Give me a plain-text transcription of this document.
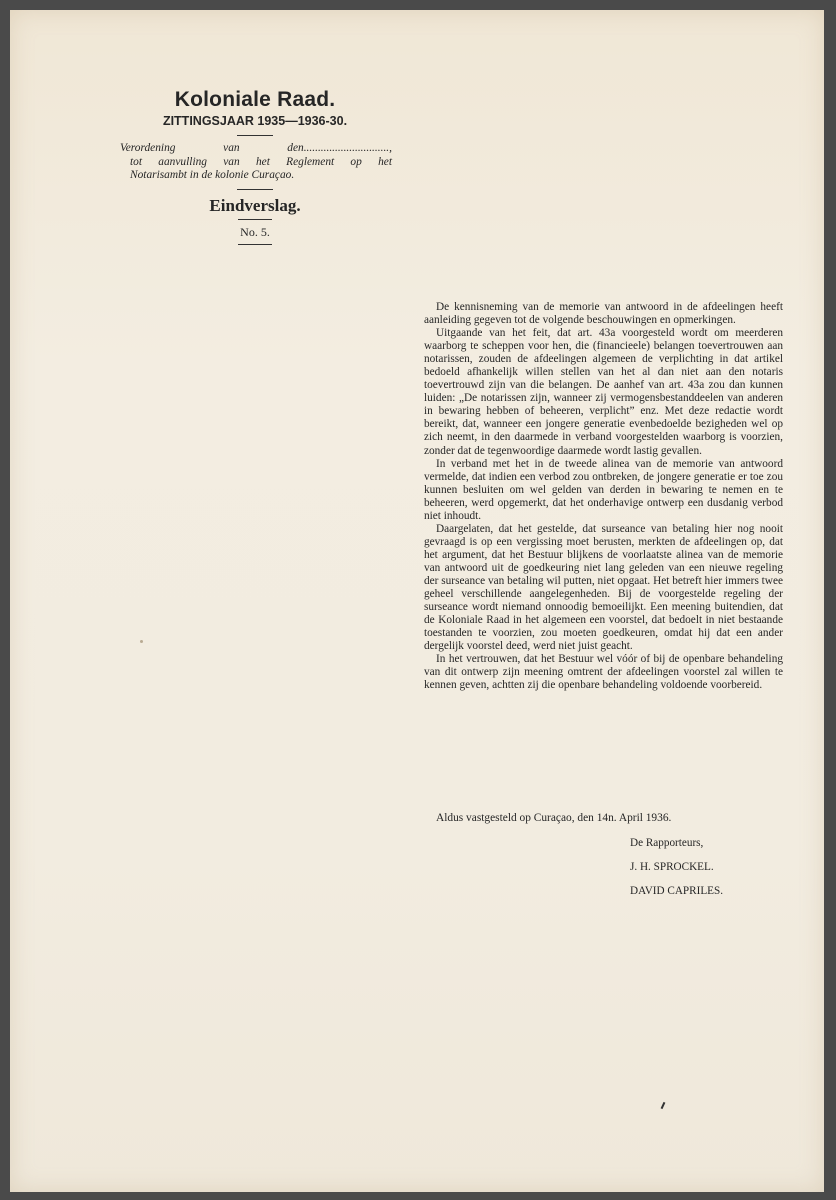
Koloniale Raad.
ZITTINGSJAAR 1935—1936-30.
Verordening van den..............................,
tot aanvulling van het Reglement op het
Notarisambt in de kolonie Curaçao.
Eindverslag.
No. 5.

De kennisneming van de memorie van antwoord in de afdeelingen heeft aanleiding gegeven tot de volgende beschouwingen en opmerkingen.

Uitgaande van het feit, dat art. 43a voorgesteld wordt om meerderen waarborg te scheppen voor hen, die (financieele) belangen toevertrouwen aan notarissen, zouden de afdeelingen algemeen de verplichting in dat artikel bedoeld afhankelijk willen stellen van het al dan niet aan den notaris toevertrouwd zijn van die belangen. De aanhef van art. 43a zou dan kunnen luiden: „De notarissen zijn, wanneer zij vermogensbestanddeelen van anderen in bewaring hebben of beheeren, verplicht” enz. Met deze redactie wordt bereikt, dat, wanneer een jongere generatie evenbedoelde bezigheden wel op zich neemt, in den daarmede in verband voorgestelden waarborg is voorzien, zonder dat de tegenwoordige daarmede wordt lastig gevallen.

In verband met het in de tweede alinea van de memorie van antwoord vermelde, dat indien een verbod zou ontbreken, de jongere generatie er toe zou kunnen besluiten om wel gelden van derden in bewaring te nemen en te beheeren, werd opgemerkt, dat het onderhavige ontwerp een dusdanig verbod niet inhoudt.

Daargelaten, dat het gestelde, dat surseance van betaling hier nog nooit gevraagd is op een vergissing moet berusten, merkten de afdeelingen op, dat het argument, dat het Bestuur blijkens de voorlaatste alinea van de memorie van antwoord uit de goedkeuring niet lang geleden van een nieuwe regeling der surseance van betaling wil putten, niet opgaat. Het betreft hier immers twee geheel verschillende aangelegenheden. Bij de voorgestelde regeling der surseance wordt niemand onnoodig bemoeilijkt. Een meening buitendien, dat de Koloniale Raad in het algemeen een voorstel, dat bedoelt in niet bestaande toestanden te voorzien, zou moeten goedkeuren, omdat hij dat een ander dergelijk voorstel deed, werd niet juist geacht.

In het vertrouwen, dat het Bestuur wel vóór of bij de openbare behandeling van dit ontwerp zijn meening omtrent der afdeelingen voorstel zal willen te kennen geven, achtten zij die openbare behandeling voldoende voorbereid.

Aldus vastgesteld op Curaçao, den 14n. April 1936.
De Rapporteurs,
J. H. SPROCKEL.
DAVID CAPRILES.
